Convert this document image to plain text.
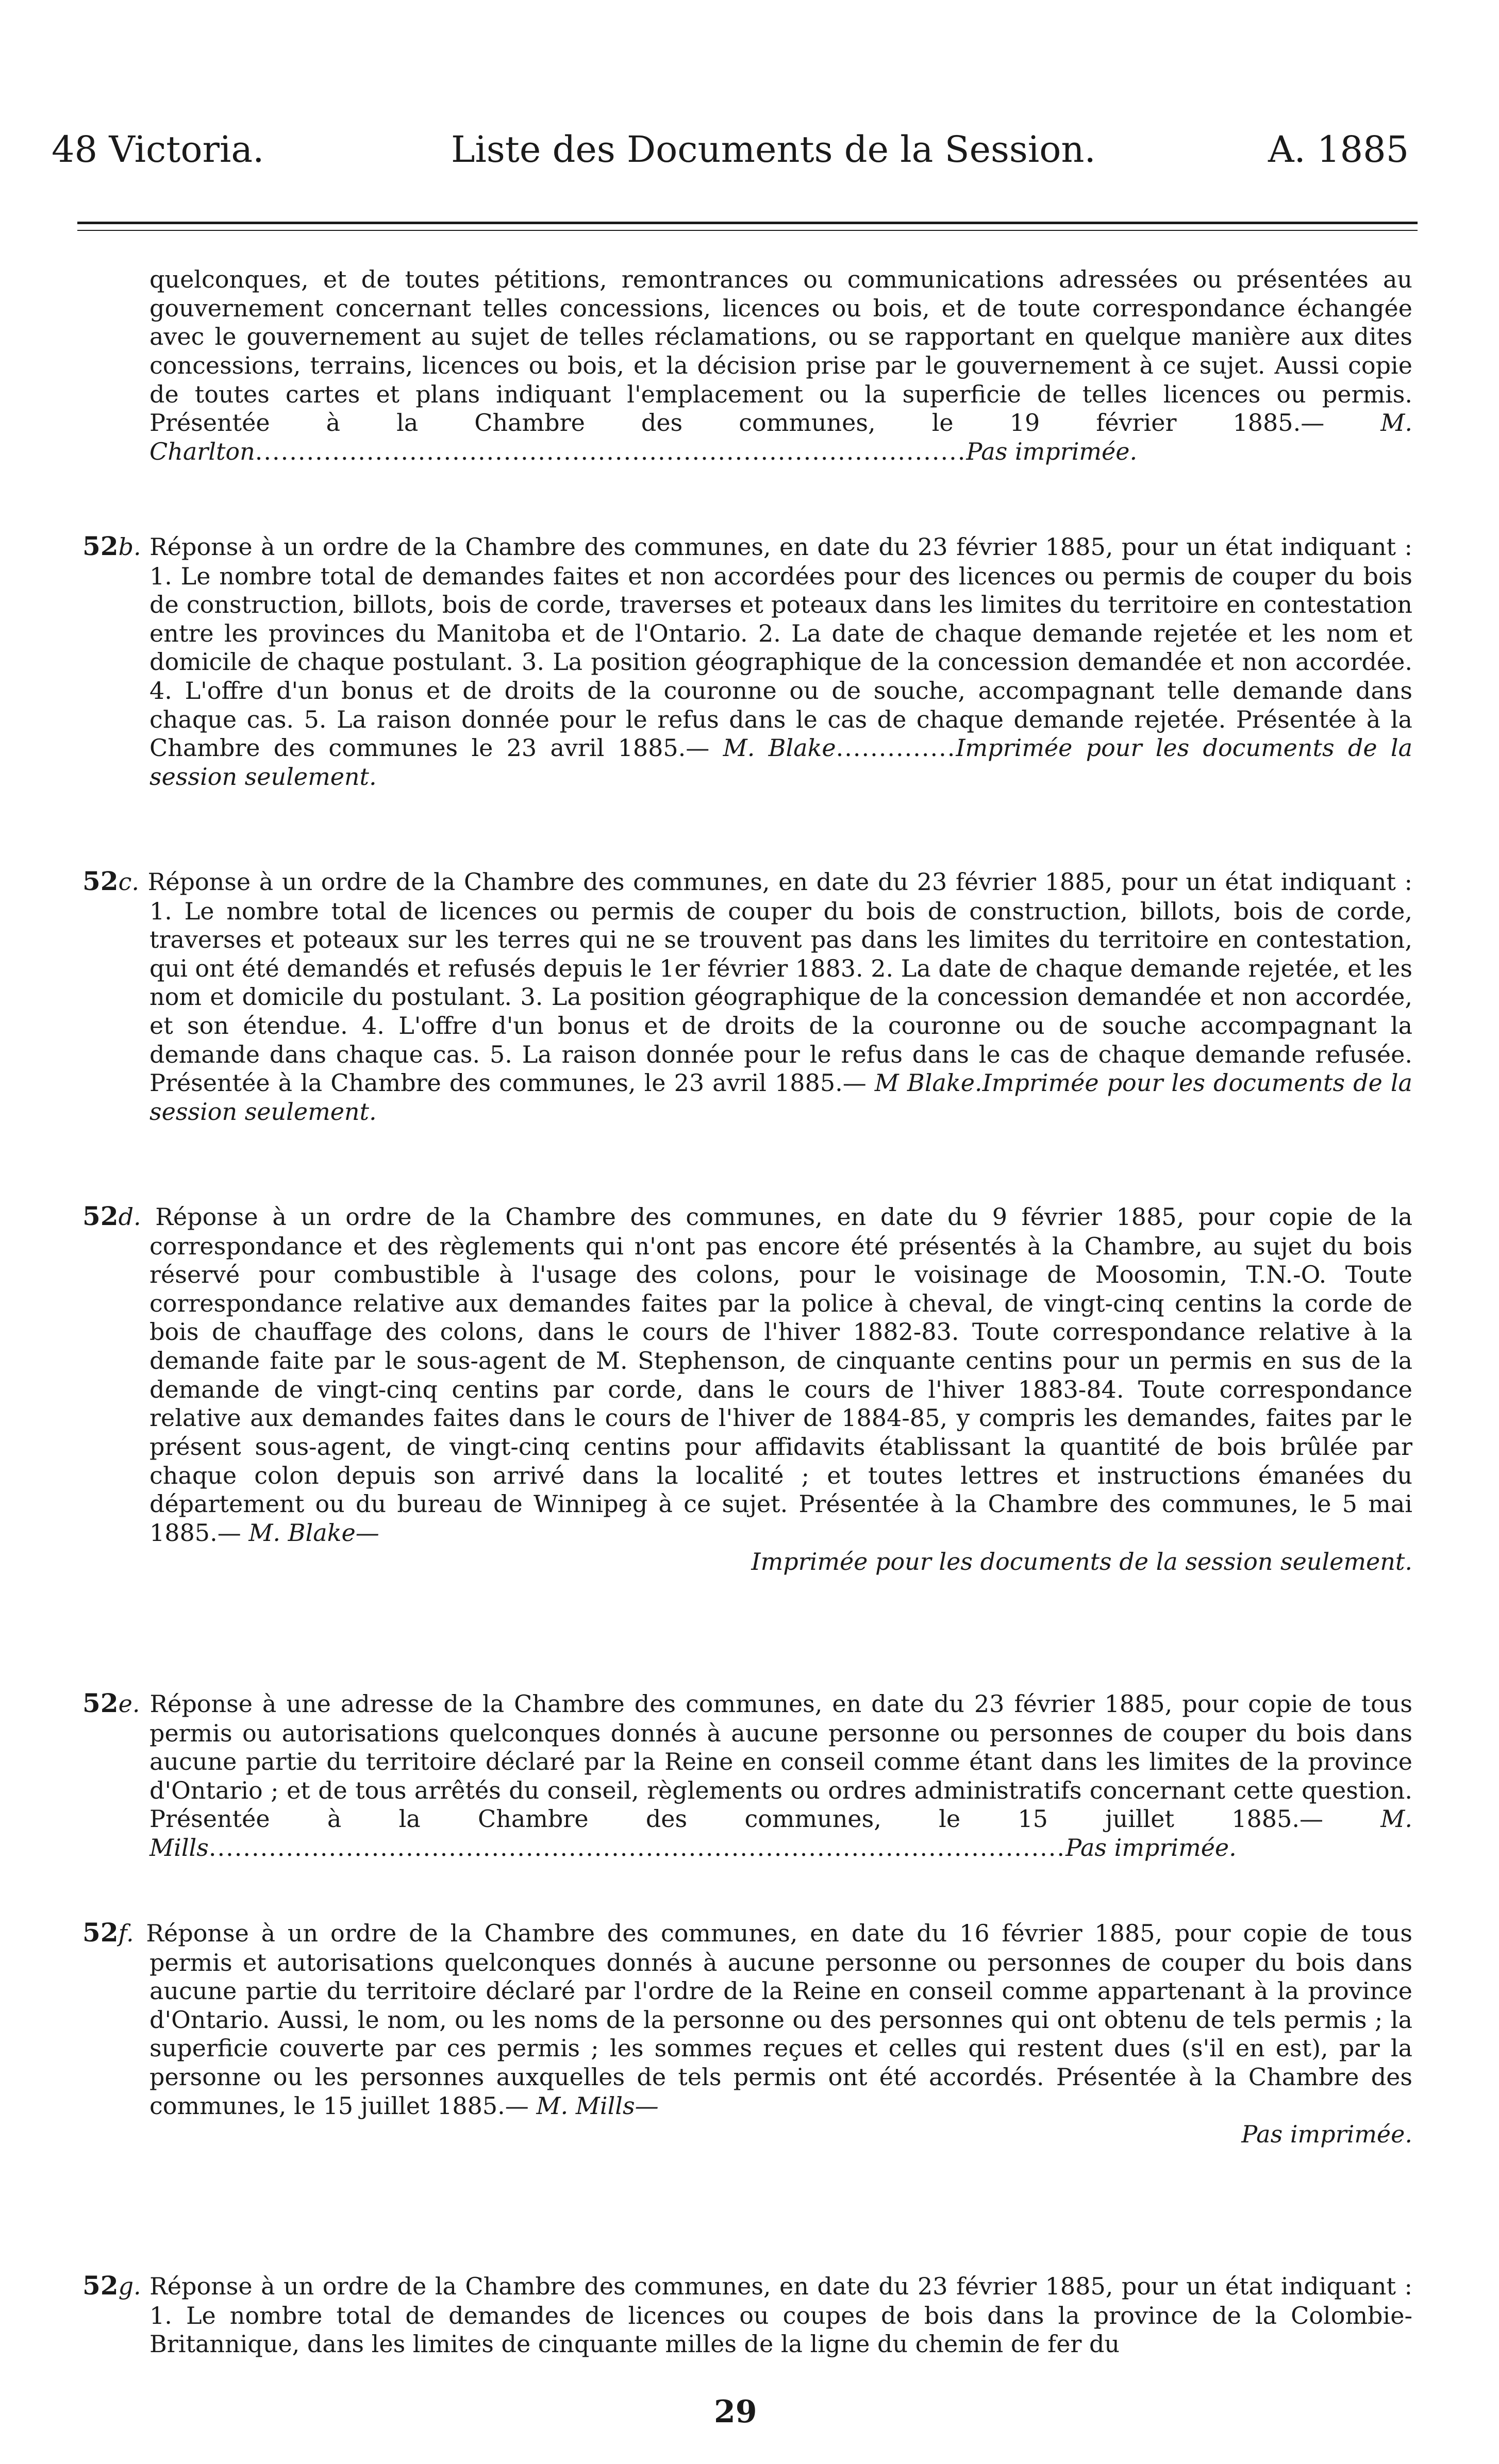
48 Victoria.	Liste des Documents de la Session.	A. 1885
quelconques, et de toutes pétitions, remontrances ou communications adressées ou présentées au gouvernement concernant telles concessions, licences ou bois, et de toute correspondance échangée avec le gouvernement au sujet de telles réclamations, ou se rapportant en quelque manière aux dites concessions, terrains, licences ou bois, et la décision prise par le gouvernement à ce sujet. Aussi copie de toutes cartes et plans indiquant l'emplacement ou la superficie de telles licences ou permis. Présentée à la Chambre des communes, le 19 février 1885.— M. Charlton...................................................................................Pas imprimée.
52b. Réponse à un ordre de la Chambre des communes, en date du 23 février 1885, pour un état indiquant : 1. Le nombre total de demandes faites et non accordées pour des licences ou permis de couper du bois de construction, billots, bois de corde, traverses et poteaux dans les limites du territoire en contestation entre les provinces du Manitoba et de l'Ontario. 2. La date de chaque demande rejetée et les nom et domicile de chaque postulant. 3. La position géographique de la concession demandée et non accordée. 4. L'offre d'un bonus et de droits de la couronne ou de souche, accompagnant telle demande dans chaque cas. 5. La raison donnée pour le refus dans le cas de chaque demande rejetée. Présentée à la Chambre des communes le 23 avril 1885.— M. Blake..............Imprimée pour les documents de la session seulement.
52c. Réponse à un ordre de la Chambre des communes, en date du 23 février 1885, pour un état indiquant : 1. Le nombre total de licences ou permis de couper du bois de construction, billots, bois de corde, traverses et poteaux sur les terres qui ne se trouvent pas dans les limites du territoire en contestation, qui ont été demandés et refusés depuis le 1er février 1883. 2. La date de chaque demande rejetée, et les nom et domicile du postulant. 3. La position géographique de la concession demandée et non accordée, et son étendue. 4. L'offre d'un bonus et de droits de la couronne ou de souche accompagnant la demande dans chaque cas. 5. La raison donnée pour le refus dans le cas de chaque demande refusée. Présentée à la Chambre des communes, le 23 avril 1885.— M Blake.Imprimée pour les documents de la session seulement.
52d. Réponse à un ordre de la Chambre des communes, en date du 9 février 1885, pour copie de la correspondance et des règlements qui n'ont pas encore été présentés à la Chambre, au sujet du bois réservé pour combustible à l'usage des colons, pour le voisinage de Moosomin, T.N.-O. Toute correspondance relative aux demandes faites par la police à cheval, de vingt-cinq centins la corde de bois de chauffage des colons, dans le cours de l'hiver 1882-83. Toute correspondance relative à la demande faite par le sous-agent de M. Stephenson, de cinquante centins pour un permis en sus de la demande de vingt-cinq centins par corde, dans le cours de l'hiver 1883-84. Toute correspondance relative aux demandes faites dans le cours de l'hiver de 1884-85, y compris les demandes, faites par le présent sous-agent, de vingt-cinq centins pour affidavits établissant la quantité de bois brûlée par chaque colon depuis son arrivé dans la localité ; et toutes lettres et instructions émanées du département ou du bureau de Winnipeg à ce sujet. Présentée à la Chambre des communes, le 5 mai 1885.— M. Blake—
Imprimée pour les documents de la session seulement.
52e. Réponse à une adresse de la Chambre des communes, en date du 23 février 1885, pour copie de tous permis ou autorisations quelconques donnés à aucune personne ou personnes de couper du bois dans aucune partie du territoire déclaré par la Reine en conseil comme étant dans les limites de la province d'Ontario ; et de tous arrêtés du conseil, règlements ou ordres administratifs concernant cette question. Présentée à la Chambre des communes, le 15 juillet 1885.— M. Mills....................................................................................................Pas imprimée.
52f. Réponse à un ordre de la Chambre des communes, en date du 16 février 1885, pour copie de tous permis et autorisations quelconques donnés à aucune personne ou personnes de couper du bois dans aucune partie du territoire déclaré par l'ordre de la Reine en conseil comme appartenant à la province d'Ontario. Aussi, le nom, ou les noms de la personne ou des personnes qui ont obtenu de tels permis ; la superficie couverte par ces permis ; les sommes reçues et celles qui restent dues (s'il en est), par la personne ou les personnes auxquelles de tels permis ont été accordés. Présentée à la Chambre des communes, le 15 juillet 1885.— M. Mills—
Pas imprimée.
52g. Réponse à un ordre de la Chambre des communes, en date du 23 février 1885, pour un état indiquant : 1. Le nombre total de demandes de licences ou coupes de bois dans la province de la Colombie-Britannique, dans les limites de cinquante milles de la ligne du chemin de fer du
29
